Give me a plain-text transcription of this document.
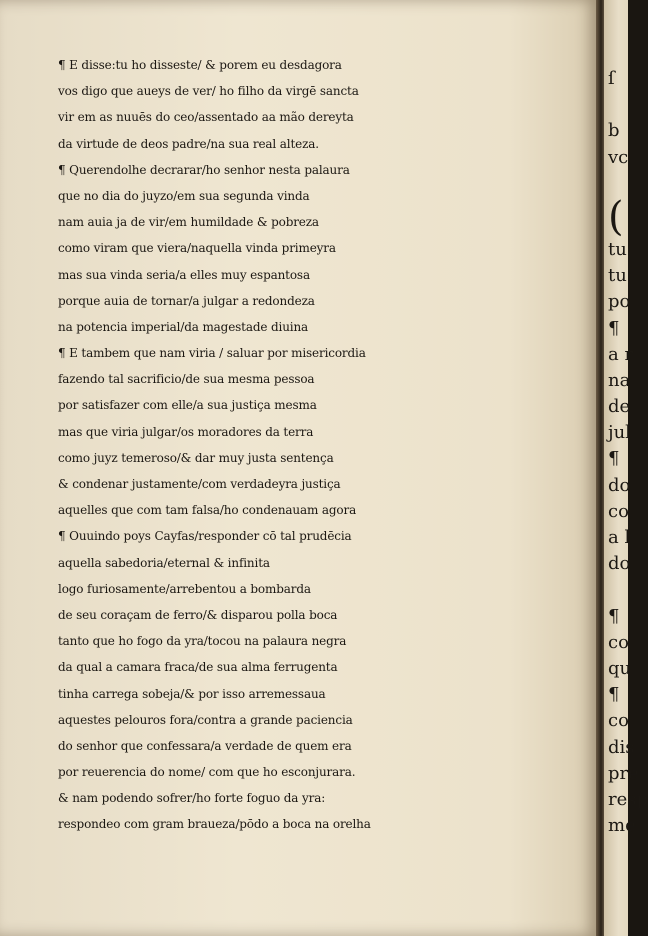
¶ E disse:tu ho disseste/ & porem eu desdagora
vos digo que aueys de ver/ ho filho da virgē sancta
vir em as nuuēs do ceo/assentado aa mão dereyta
da virtude de deos padre/na sua real alteza.
¶ Querendolhe decrarar/ho senhor nesta palaura
que no dia do juyzo/em sua segunda vinda
nam auia ja de vir/em humildade & pobreza
como viram que viera/naquella vinda primeyra
mas sua vinda seria/a elles muy espantosa
porque auia de tornar/a julgar a redondeza
na potencia imperial/da magestade diuina
¶ E tambem que nam viria / saluar por misericordia
fazendo tal sacrificio/de sua mesma pessoa
por satisfazer com elle/a sua justiça mesma
mas que viria julgar/os moradores da terra
como juyz temeroso/& dar muy justa sentença
& condenar justamente/com verdadeyra justiça
aquelles que com tam falsa/ho condenauam agora
¶ Ouuindo poys Cayfas/responder cō tal prudēcia
aquella sabedoria/eternal & infinita
logo furiosamente/arrebentou a bombarda
de seu coraçam de ferro/& disparou polla boca
tanto que ho fogo da yra/tocou na palaura negra
da qual a camara fraca/de sua alma ferrugenta
tinha carrega sobeja/& por isso arremessaua
aquestes pelouros fora/contra a grande paciencia
do senhor que confessara/a verdade de quem era
por reuerencia do nome/ com que ho esconjurara.
& nam podendo sofrer/ho forte foguo da yra:
respondeo com gram braueza/pōdo a boca na orelha
ſ
b
vc
(
tu
tu
po
¶
a r
na
de
jul
¶
do
co
a l
do
¶
co
qu
¶
co
dis
pre
resp
me
